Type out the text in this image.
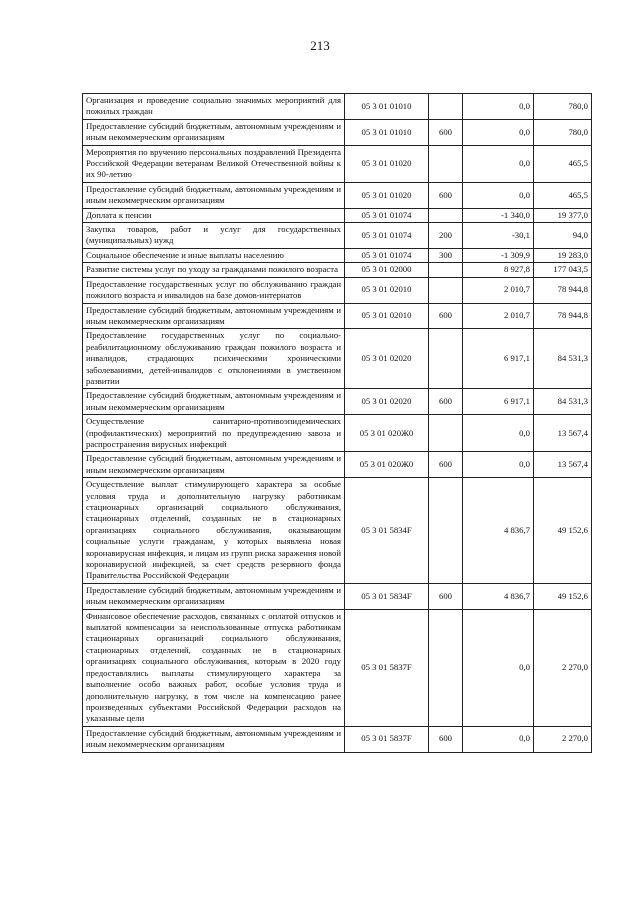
213
Организация и проведение социально значимых мероприятий для пожилых граждан	05 3 01 01010		0,0	780,0
Предоставление субсидий бюджетным, автономным учреждениям и иным некоммерческим организациям	05 3 01 01010	600	0,0	780,0
Мероприятия по вручению персональных поздравлений Президента Российской Федерации ветеранам Великой Отечественной войны к их 90-летию	05 3 01 01020		0,0	465,5
Предоставление субсидий бюджетным, автономным учреждениям и иным некоммерческим организациям	05 3 01 01020	600	0,0	465,5
Доплата к пенсии	05 3 01 01074		-1 340,0	19 377,0
Закупка товаров, работ и услуг для государственных (муниципальных) нужд	05 3 01 01074	200	-30,1	94,0
Социальное обеспечение и иные выплаты населению	05 3 01 01074	300	-1 309,9	19 283,0
Развитие системы услуг по уходу за гражданами пожилого возраста	05 3 01 02000		8 927,8	177 043,5
Предоставление государственных услуг по обслуживанию граждан пожилого возраста и инвалидов на базе домов-интернатов	05 3 01 02010		2 010,7	78 944,8
Предоставление субсидий бюджетным, автономным учреждениям и иным некоммерческим организациям	05 3 01 02010	600	2 010,7	78 944,8
Предоставление государственных услуг по социально-реабилитационному обслуживанию граждан пожилого возраста и инвалидов, страдающих психическими хроническими заболеваниями, детей-инвалидов с отклонениями в умственном развитии	05 3 01 02020		6 917,1	84 531,3
Предоставление субсидий бюджетным, автономным учреждениям и иным некоммерческим организациям	05 3 01 02020	600	6 917,1	84 531,3
Осуществление санитарно-противоэпидемических (профилактических) мероприятий по предупреждению завоза и распространения вирусных инфекций	05 3 01 020Ж0		0,0	13 567,4
Предоставление субсидий бюджетным, автономным учреждениям и иным некоммерческим организациям	05 3 01 020Ж0	600	0,0	13 567,4
Осуществление выплат стимулирующего характера за особые условия труда и дополнительную нагрузку работникам стационарных организаций социального обслуживания, стационарных отделений, созданных не в стационарных организациях социального обслуживания, оказывающим социальные услуги гражданам, у которых выявлена новая коронавирусная инфекция, и лицам из групп риска заражения новой коронавирусной инфекцией, за счет средств резервного фонда Правительства Российской Федерации	05 3 01 5834F		4 836,7	49 152,6
Предоставление субсидий бюджетным, автономным учреждениям и иным некоммерческим организациям	05 3 01 5834F	600	4 836,7	49 152,6
Финансовое обеспечение расходов, связанных с оплатой отпусков и выплатой компенсации за неиспользованные отпуска работникам стационарных организаций социального обслуживания, стационарных отделений, созданных не в стационарных организациях социального обслуживания, которым в 2020 году предоставлялись выплаты стимулирующего характера за выполнение особо важных работ, особые условия труда и дополнительную нагрузку, в том числе на компенсацию ранее произведенных субъектами Российской Федерации расходов на указанные цели	05 3 01 5837F		0,0	2 270,0
Предоставление субсидий бюджетным, автономным учреждениям и иным некоммерческим организациям	05 3 01 5837F	600	0,0	2 270,0
